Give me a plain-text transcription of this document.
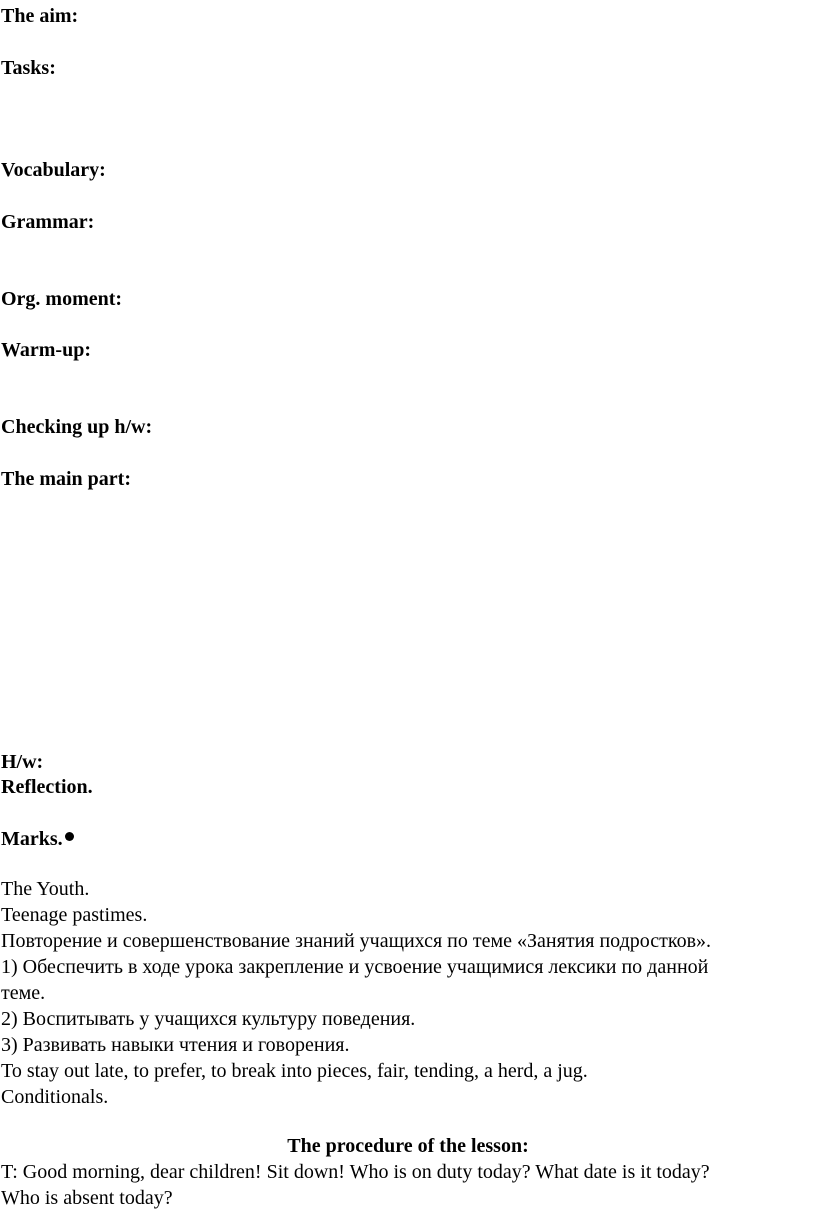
The aim:
Tasks:
Vocabulary:
Grammar:
Org. moment:
Warm-up:
Checking up h/w:
The main part:
H/w:
Reflection.
Marks.
The Youth.
Teenage pastimes.
Повторение и совершенствование знаний учащихся по теме «Занятия подростков».
1) Обеспечить в ходе урока закрепление и усвоение учащимися лексики по данной
теме.
2) Воспитывать у учащихся культуру поведения.
3) Развивать навыки чтения и говорения.
To stay out late, to prefer, to break into pieces, fair, tending, a herd, a jug.
Conditionals.
The procedure of the lesson:
T: Good morning, dear children! Sit down! Who is on duty today? What date is it today?
Who is absent today?
